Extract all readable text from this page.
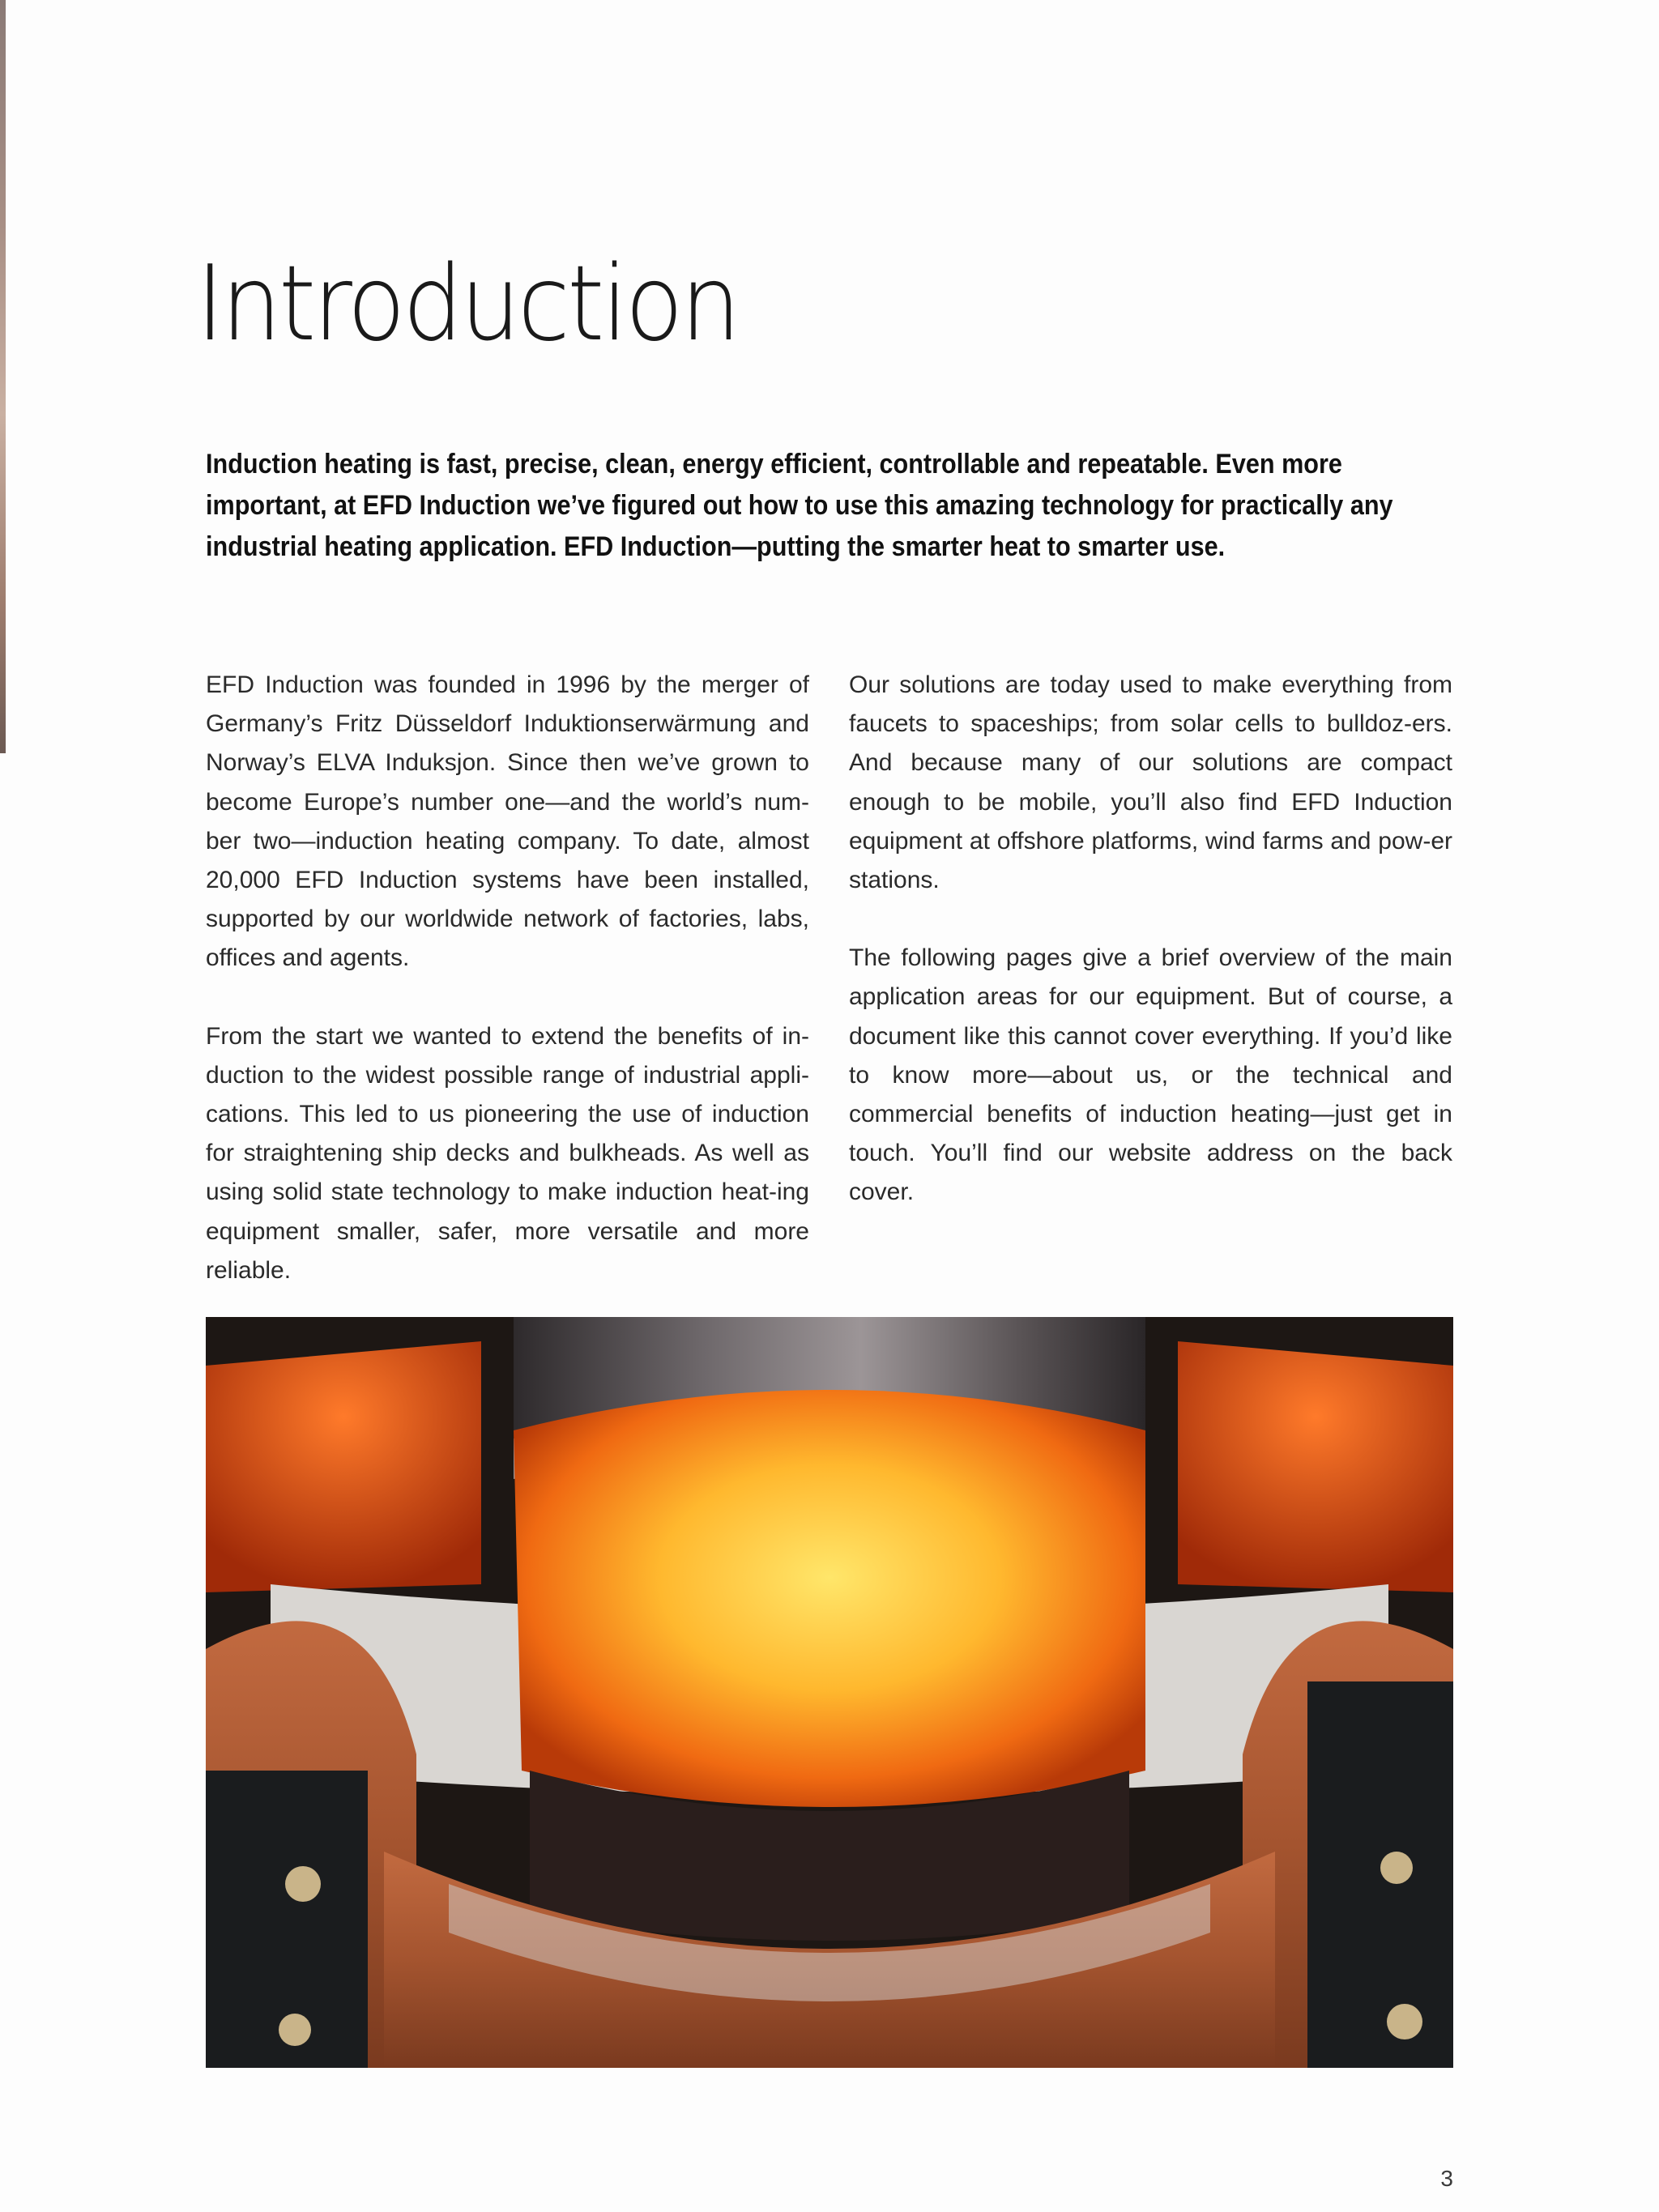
Introduction
Induction heating is fast, precise, clean, energy efficient, controllable and repeatable. Even more important, at EFD Induction we’ve figured out how to use this amazing technology for practically any industrial heating application. EFD Induction—putting the smarter heat to smarter use.

EFD Induction was founded in 1996 by the merger of Germany’s Fritz Düsseldorf Induktionserwärmung and Norway’s ELVA Induksjon. Since then we’ve grown to become Europe’s number one—and the world’s num-ber two—induction heating company. To date, almost 20,000 EFD Induction systems have been installed, supported by our worldwide network of factories, labs, offices and agents.

From the start we wanted to extend the benefits of in-duction to the widest possible range of industrial appli-cations. This led to us pioneering the use of induction for straightening ship decks and bulkheads. As well as using solid state technology to make induction heat-ing equipment smaller, safer, more versatile and more reliable.

Our solutions are today used to make everything from faucets to spaceships; from solar cells to bulldoz-ers. And because many of our solutions are compact enough to be mobile, you’ll also find EFD Induction equipment at offshore platforms, wind farms and pow-er stations.

The following pages give a brief overview of the main application areas for our equipment. But of course, a document like this cannot cover everything. If you’d like to know more—about us, or the technical and commercial benefits of induction heating—just get in touch. You’ll find our website address on the back cover.

3
